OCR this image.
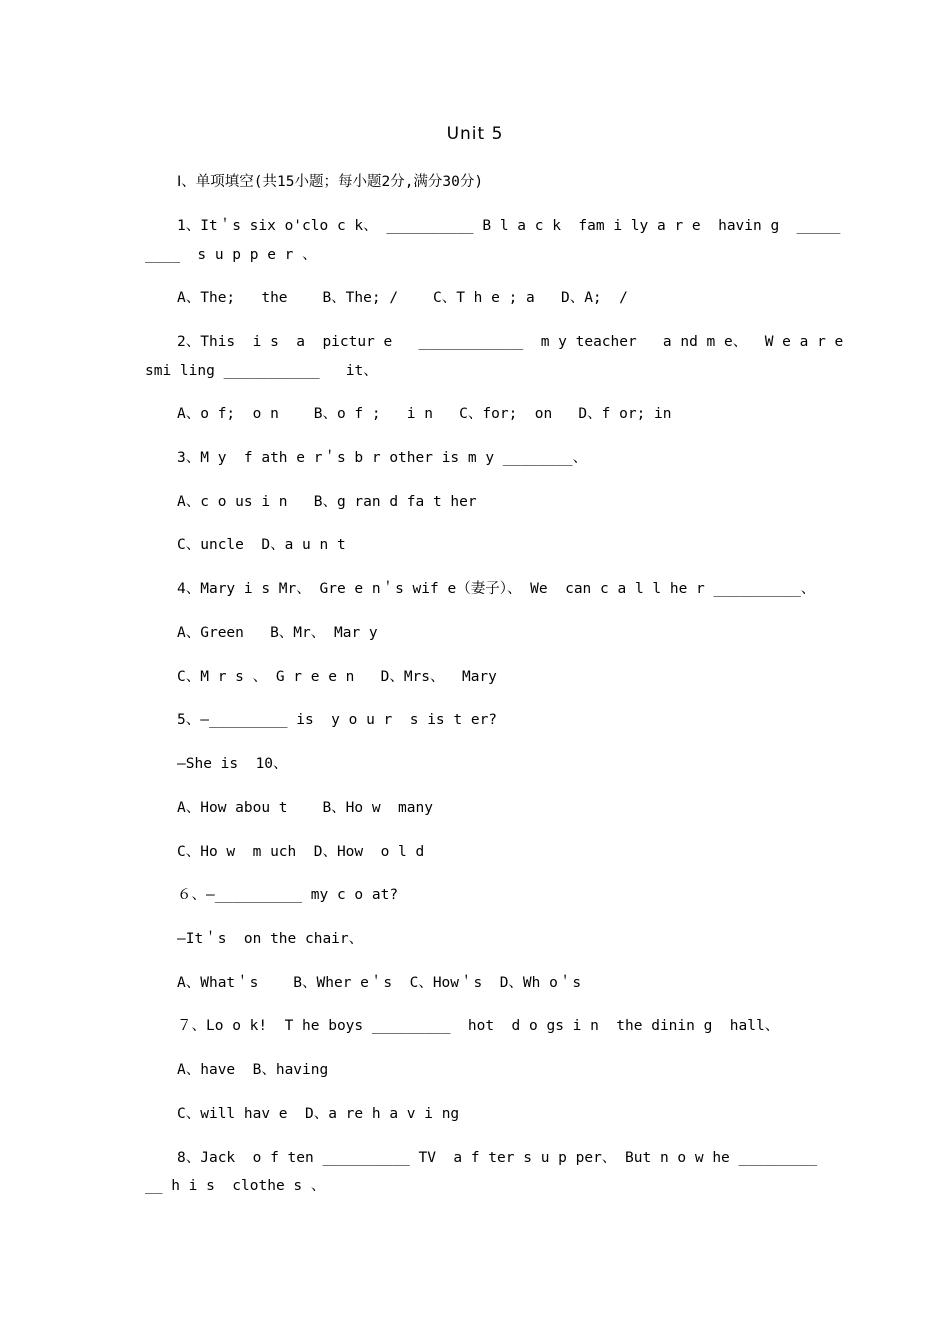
Unit 5
Ⅰ、单项填空(共15小题；每小题2分,满分30分)
1、It＇s six o'clo c k、 __________ B l a c k  fam i ly a r e  havin g  _____
____  s u p p e r 、
A、The;   the    B、The; /    C、T h e ; a   D、A;  /
2、This  i s  a  pictur e   ____________  m y teacher   a nd m e、  W e a r e
smi ling ___________   it、
A、o f;  o n    B、o f ;   i n   C、for;  on   D、f or; in
3、M y  f ath e r＇s b r other is m y ________、
A、c o us i n   B、g ran d fa t her
C、uncle  D、a u n t
4、Mary i s Mr、 Gre e n＇s wif e（妻子）、 We  can c a l l he r __________、
A、Green   B、Mr、 Mar y
C、M r s 、 G r e e n   D、Mrs、  Mary
5、—_________ is  y o u r  s is t er?
—She is  10、
A、How abou t    B、Ho w  many
C、Ho w  m uch  D、How  o l d
６、—__________ my c o at?
—It＇s  on the chair、
A、What＇s    B、Wher e＇s  C、How＇s  D、Wh o＇s
７、Lo o k!  T he boys _________  hot  d o gs i n  the dinin g  hall、
A、have  B、having
C、will hav e  D、a re h a v i ng
8、Jack  o f ten __________ TV  a f ter s u p per、 But n o w he _________
__ h i s  clothe s 、
